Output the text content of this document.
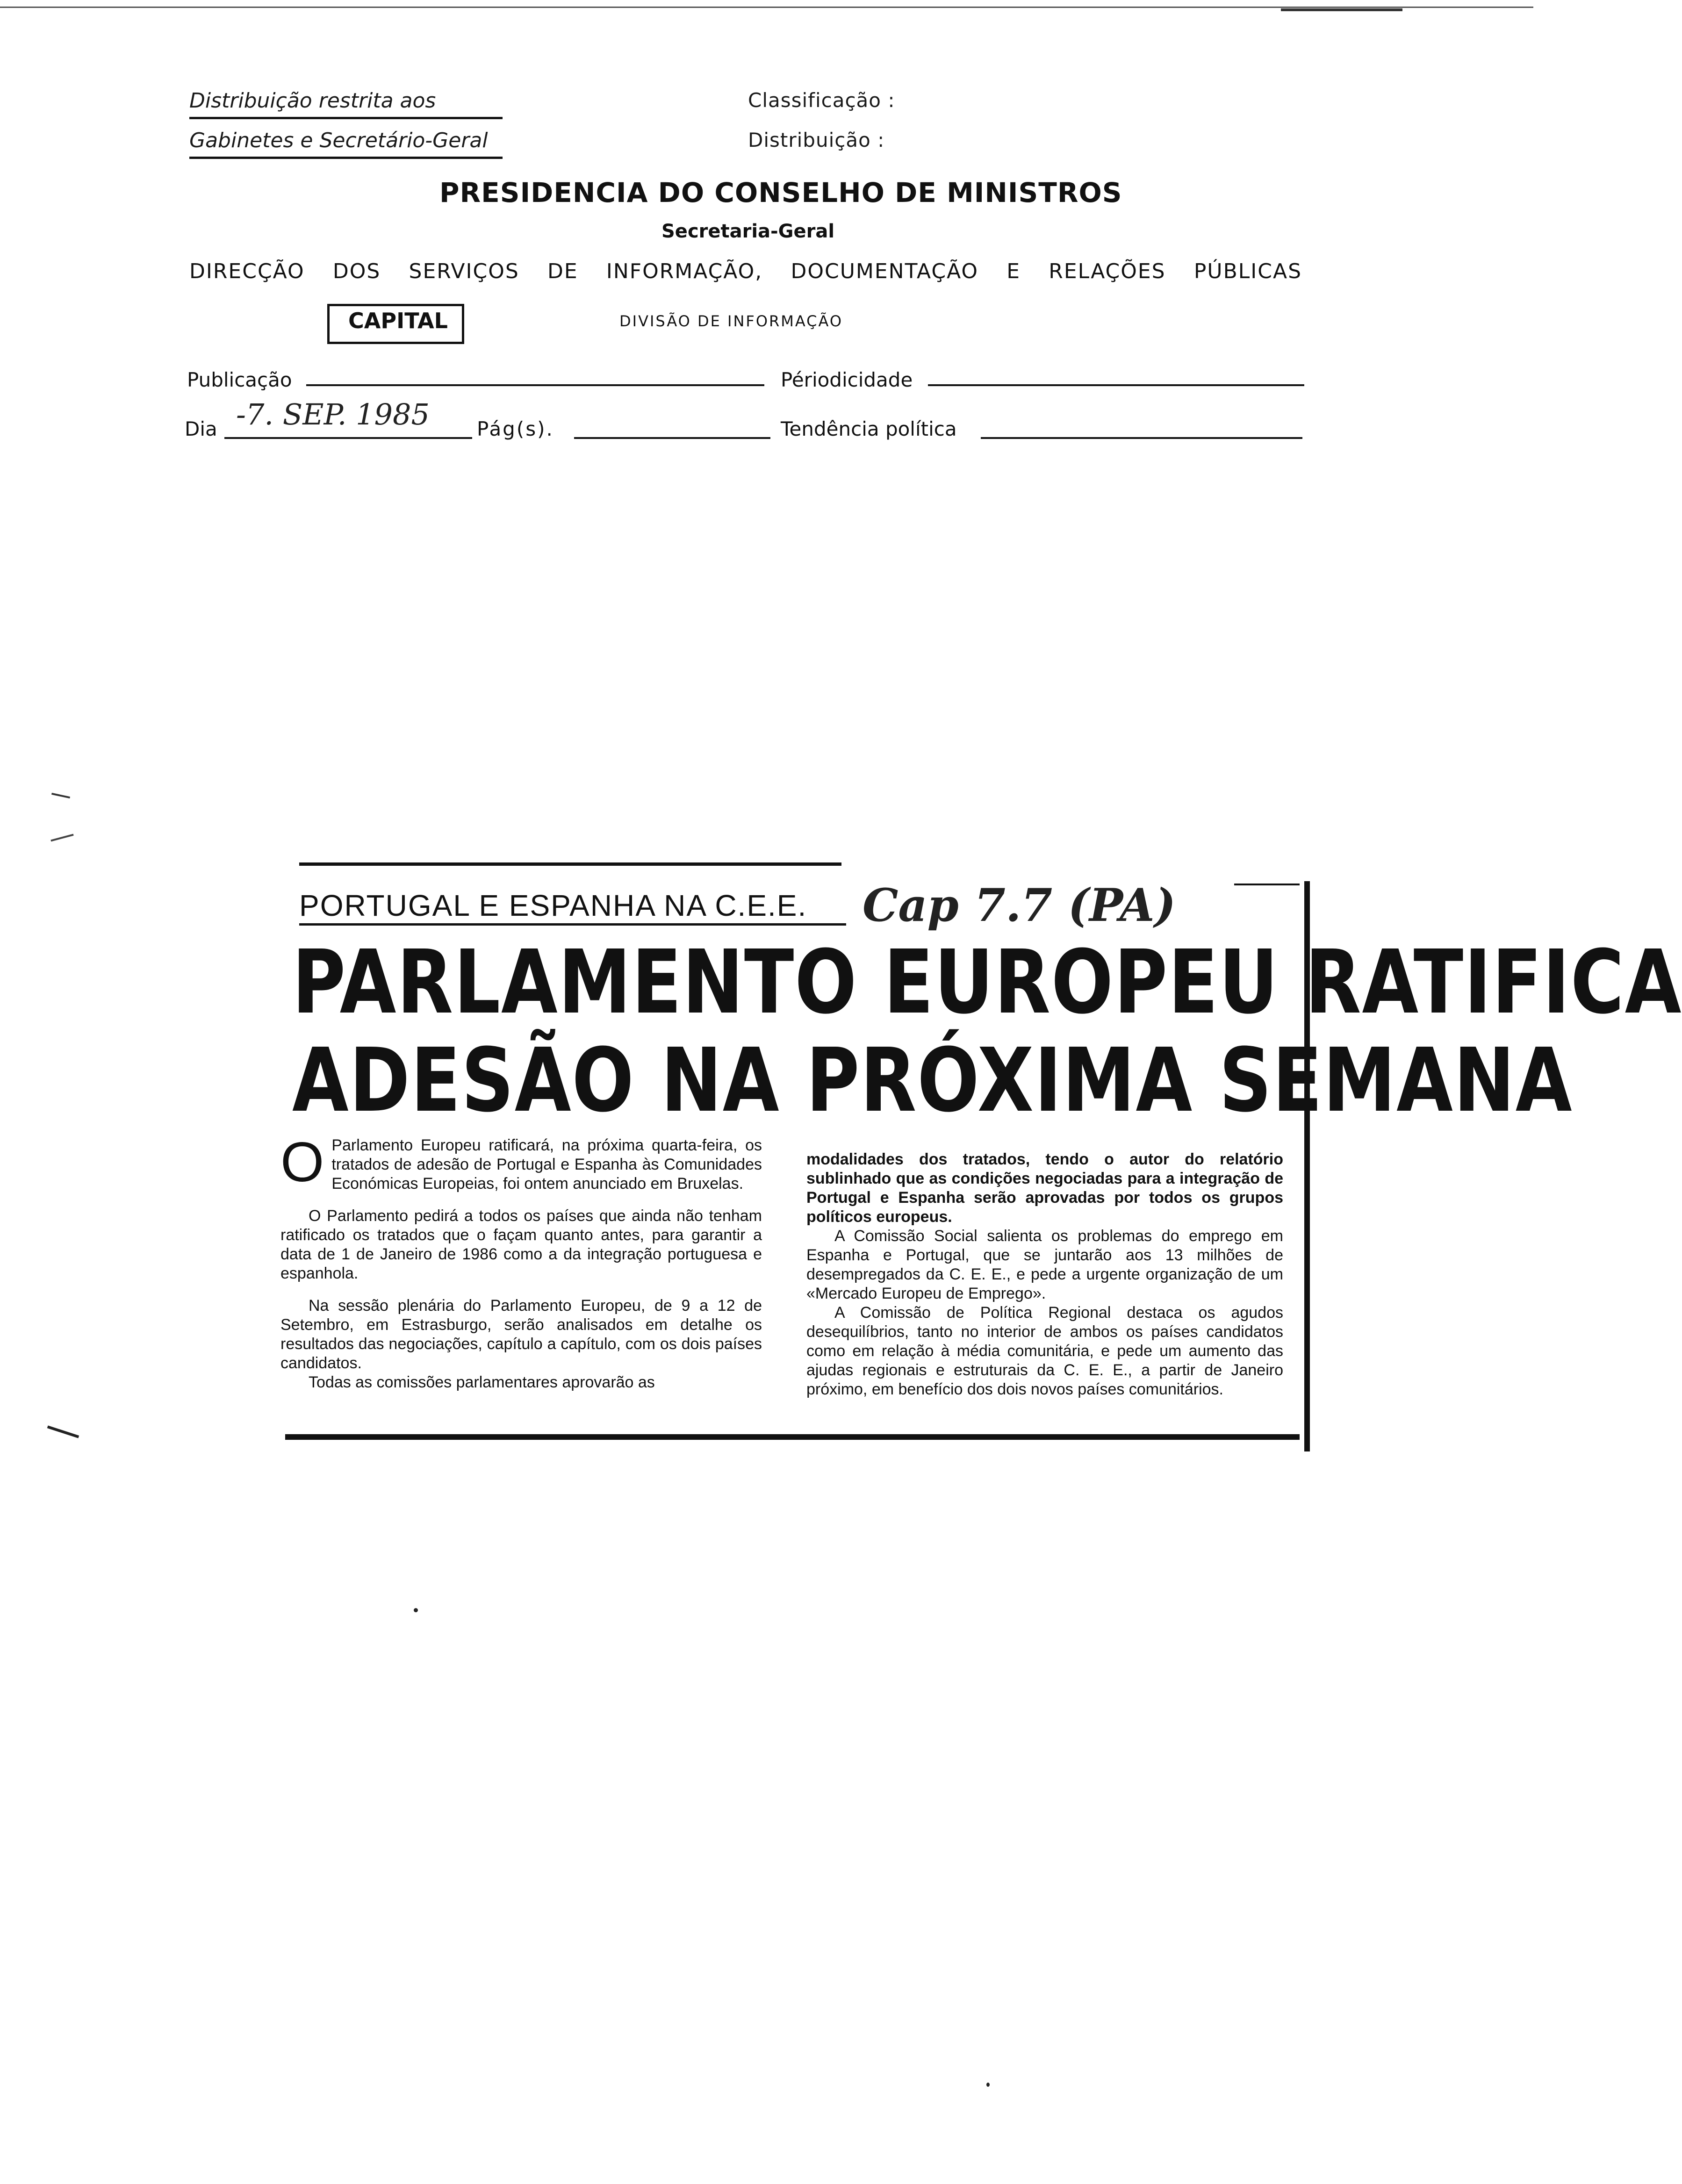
Distribuição restrita aos
Gabinetes e Secretário-Geral
Classificação :
Distribuição :
PRESIDENCIA DO CONSELHO DE MINISTROS
Secretaria-Geral
DIRECÇÃO DOS SERVIÇOS DE INFORMAÇÃO, DOCUMENTAÇÃO E RELAÇÕES PÚBLICAS
CAPITAL	DIVISÃO DE INFORMAÇÃO
Publicação	Périodicidade
Dia -7. SEP. 1985 Pág(s).	Tendência política
PORTUGAL E ESPANHA NA C.E.E. Cap 7.7 (PA)
PARLAMENTO EUROPEU RATIFICA
ADESÃO NA PRÓXIMA SEMANA
O Parlamento Europeu ratificará, na próxima quarta-feira, os tratados de adesão de Portugal e Espanha às Comunidades Económicas Europeias, foi ontem anunciado em Bruxelas.

O Parlamento pedirá a todos os países que ainda não tenham ratificado os tratados que o façam quanto antes, para garantir a data de 1 de Janeiro de 1986 como a da integração portuguesa e espanhola.

Na sessão plenária do Parlamento Europeu, de 9 a 12 de Setembro, em Estrasburgo, serão analisados em detalhe os resultados das negociações, capítulo a capítulo, com os dois países candidatos.

Todas as comissões parlamentares aprovarão as

modalidades dos tratados, tendo o autor do relatório sublinhado que as condições negociadas para a integração de Portugal e Espanha serão aprovadas por todos os grupos políticos europeus.

A Comissão Social salienta os problemas do emprego em Espanha e Portugal, que se juntarão aos 13 milhões de desempregados da C. E. E., e pede a urgente organização de um «Mercado Europeu de Emprego».

A Comissão de Política Regional destaca os agudos desequilíbrios, tanto no interior de ambos os países candidatos como em relação à média comunitária, e pede um aumento das ajudas regionais e estruturais da C. E. E., a partir de Janeiro próximo, em benefício dos dois novos países comunitários.
